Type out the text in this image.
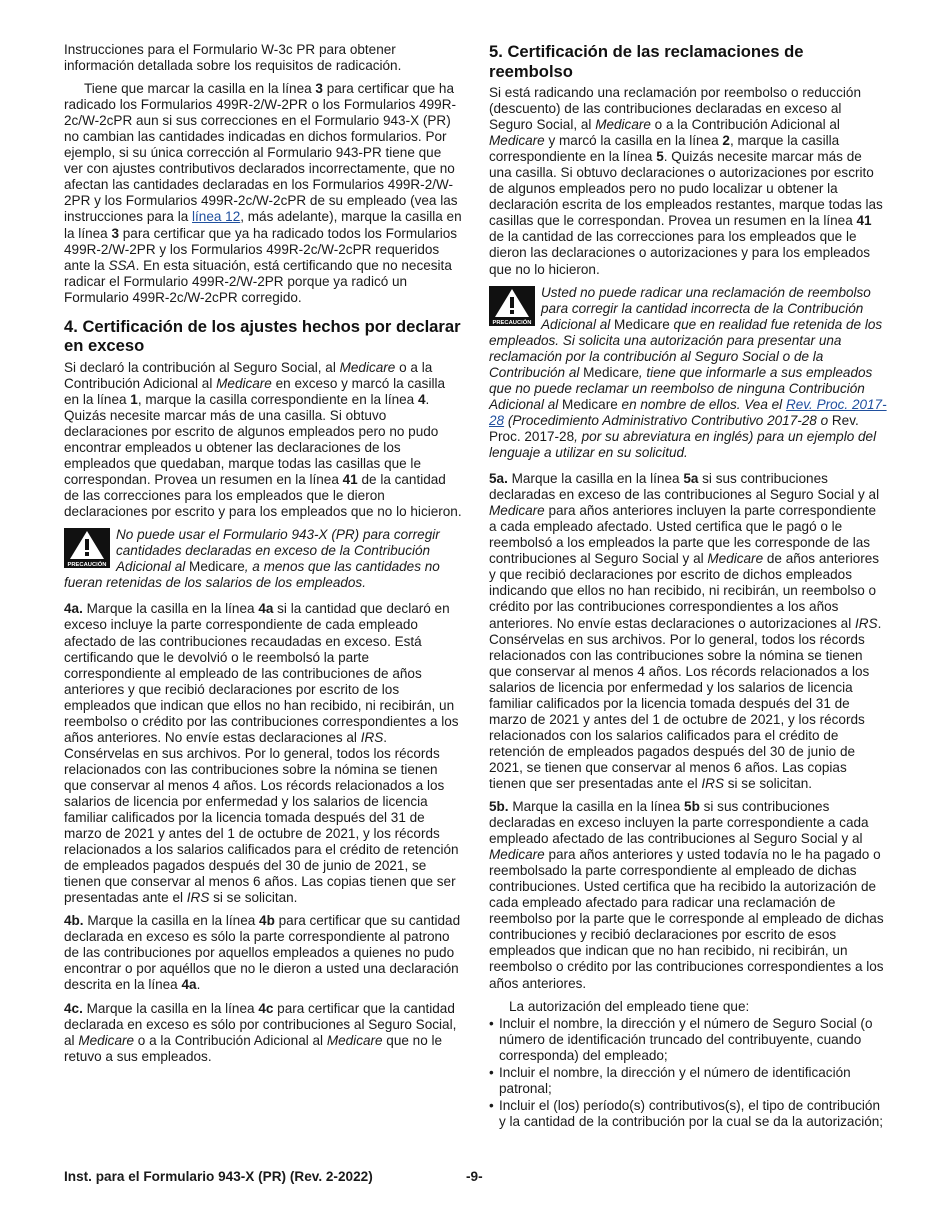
Instrucciones para el Formulario W-3c PR para obtener información detallada sobre los requisitos de radicación.

Tiene que marcar la casilla en la línea 3 para certificar que ha radicado los Formularios 499R-2/W-2PR o los Formularios 499R-2c/W-2cPR aun si sus correcciones en el Formulario 943-X (PR) no cambian las cantidades indicadas en dichos formularios. Por ejemplo, si su única corrección al Formulario 943-PR tiene que ver con ajustes contributivos declarados incorrectamente, que no afectan las cantidades declaradas en los Formularios 499R-2/W-2PR y los Formularios 499R-2c/W-2cPR de su empleado (vea las instrucciones para la línea 12, más adelante), marque la casilla en la línea 3 para certificar que ya ha radicado todos los Formularios 499R-2/W-2PR y los Formularios 499R-2c/W-2cPR requeridos ante la SSA. En esta situación, está certificando que no necesita radicar el Formulario 499R-2/W-2PR porque ya radicó un Formulario 499R-2c/W-2cPR corregido.

4. Certificación de los ajustes hechos por declarar en exceso

Si declaró la contribución al Seguro Social, al Medicare o a la Contribución Adicional al Medicare en exceso y marcó la casilla en la línea 1, marque la casilla correspondiente en la línea 4. Quizás necesite marcar más de una casilla. Si obtuvo declaraciones por escrito de algunos empleados pero no pudo encontrar empleados u obtener las declaraciones de los empleados que quedaban, marque todas las casillas que le correspondan. Provea un resumen en la línea 41 de la cantidad de las correcciones para los empleados que le dieron declaraciones por escrito y para los empleados que no lo hicieron.

PRECAUCIÓN
No puede usar el Formulario 943-X (PR) para corregir cantidades declaradas en exceso de la Contribución Adicional al Medicare, a menos que las cantidades no fueran retenidas de los salarios de los empleados.

4a. Marque la casilla en la línea 4a si la cantidad que declaró en exceso incluye la parte correspondiente de cada empleado afectado de las contribuciones recaudadas en exceso. Está certificando que le devolvió o le reembolsó la parte correspondiente al empleado de las contribuciones de años anteriores y que recibió declaraciones por escrito de los empleados que indican que ellos no han recibido, ni recibirán, un reembolso o crédito por las contribuciones correspondientes a los años anteriores. No envíe estas declaraciones al IRS. Consérvelas en sus archivos. Por lo general, todos los récords relacionados con las contribuciones sobre la nómina se tienen que conservar al menos 4 años. Los récords relacionados a los salarios de licencia por enfermedad y los salarios de licencia familiar calificados por la licencia tomada después del 31 de marzo de 2021 y antes del 1 de octubre de 2021, y los récords relacionados a los salarios calificados para el crédito de retención de empleados pagados después del 30 de junio de 2021, se tienen que conservar al menos 6 años. Las copias tienen que ser presentadas ante el IRS si se solicitan.

4b. Marque la casilla en la línea 4b para certificar que su cantidad declarada en exceso es sólo la parte correspondiente al patrono de las contribuciones por aquellos empleados a quienes no pudo encontrar o por aquéllos que no le dieron a usted una declaración descrita en la línea 4a.

4c. Marque la casilla en la línea 4c para certificar que la cantidad declarada en exceso es sólo por contribuciones al Seguro Social, al Medicare o a la Contribución Adicional al Medicare que no le retuvo a sus empleados.

5. Certificación de las reclamaciones de reembolso

Si está radicando una reclamación por reembolso o reducción (descuento) de las contribuciones declaradas en exceso al Seguro Social, al Medicare o a la Contribución Adicional al Medicare y marcó la casilla en la línea 2, marque la casilla correspondiente en la línea 5. Quizás necesite marcar más de una casilla. Si obtuvo declaraciones o autorizaciones por escrito de algunos empleados pero no pudo localizar u obtener la declaración escrita de los empleados restantes, marque todas las casillas que le correspondan. Provea un resumen en la línea 41 de la cantidad de las correcciones para los empleados que le dieron las declaraciones o autorizaciones y para los empleados que no lo hicieron.

PRECAUCIÓN
Usted no puede radicar una reclamación de reembolso para corregir la cantidad incorrecta de la Contribución Adicional al Medicare que en realidad fue retenida de los empleados. Si solicita una autorización para presentar una reclamación por la contribución al Seguro Social o de la Contribución al Medicare, tiene que informarle a sus empleados que no puede reclamar un reembolso de ninguna Contribución Adicional al Medicare en nombre de ellos. Vea el Rev. Proc. 2017-28 (Procedimiento Administrativo Contributivo 2017-28 o Rev. Proc. 2017-28, por su abreviatura en inglés) para un ejemplo del lenguaje a utilizar en su solicitud.

5a. Marque la casilla en la línea 5a si sus contribuciones declaradas en exceso de las contribuciones al Seguro Social y al Medicare para años anteriores incluyen la parte correspondiente a cada empleado afectado. Usted certifica que le pagó o le reembolsó a los empleados la parte que les corresponde de las contribuciones al Seguro Social y al Medicare de años anteriores y que recibió declaraciones por escrito de dichos empleados indicando que ellos no han recibido, ni recibirán, un reembolso o crédito por las contribuciones correspondientes a los años anteriores. No envíe estas declaraciones o autorizaciones al IRS. Consérvelas en sus archivos. Por lo general, todos los récords relacionados con las contribuciones sobre la nómina se tienen que conservar al menos 4 años. Los récords relacionados a los salarios de licencia por enfermedad y los salarios de licencia familiar calificados por la licencia tomada después del 31 de marzo de 2021 y antes del 1 de octubre de 2021, y los récords relacionados con los salarios calificados para el crédito de retención de empleados pagados después del 30 de junio de 2021, se tienen que conservar al menos 6 años. Las copias tienen que ser presentadas ante el IRS si se solicitan.

5b. Marque la casilla en la línea 5b si sus contribuciones declaradas en exceso incluyen la parte correspondiente a cada empleado afectado de las contribuciones al Seguro Social y al Medicare para años anteriores y usted todavía no le ha pagado o reembolsado la parte correspondiente al empleado de dichas contribuciones. Usted certifica que ha recibido la autorización de cada empleado afectado para radicar una reclamación de reembolso por la parte que le corresponde al empleado de dichas contribuciones y recibió declaraciones por escrito de esos empleados que indican que no han recibido, ni recibirán, un reembolso o crédito por las contribuciones correspondientes a los años anteriores.

La autorización del empleado tiene que:

• Incluir el nombre, la dirección y el número de Seguro Social (o número de identificación truncado del contribuyente, cuando corresponda) del empleado;
• Incluir el nombre, la dirección y el número de identificación patronal;
• Incluir el (los) período(s) contributivos(s), el tipo de contribución y la cantidad de la contribución por la cual se da la autorización;
Inst. para el Formulario 943-X (PR) (Rev. 2-2022)	-9-
